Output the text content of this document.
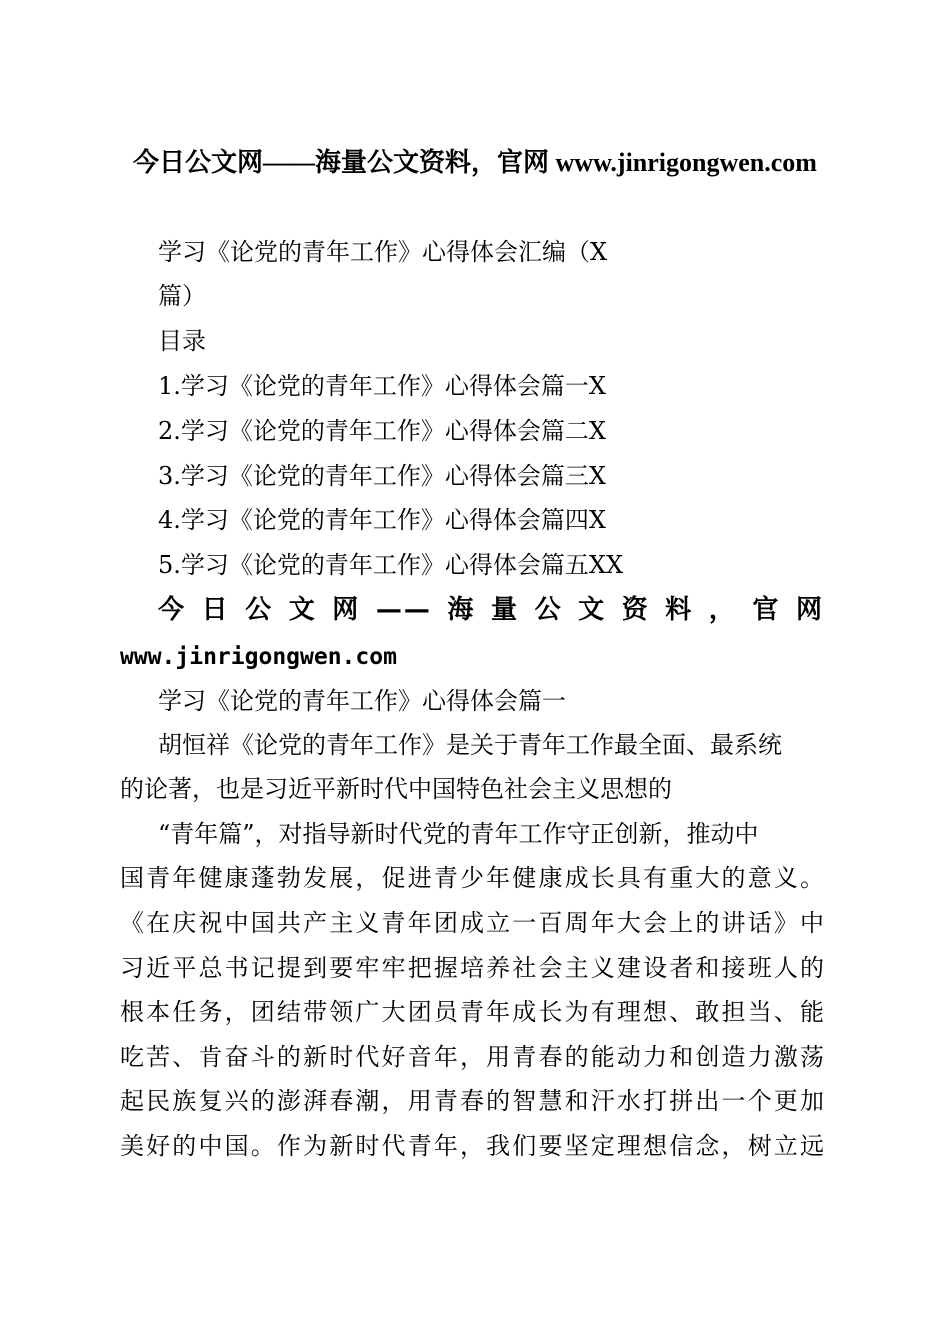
今日公文网——海量公文资料，官网 www.jinrigongwen.com
学习《论党的青年工作》心得体会汇编（X
篇）
目录
1.学习《论党的青年工作》心得体会篇一X
2.学习《论党的青年工作》心得体会篇二X
3.学习《论党的青年工作》心得体会篇三X
4.学习《论党的青年工作》心得体会篇四X
5.学习《论党的青年工作》心得体会篇五XX
今日公文网——海量公文资料，官网
www.jinrigongwen.com
学习《论党的青年工作》心得体会篇一
胡恒祥《论党的青年工作》是关于青年工作最全面、最系统
的论著，也是习近平新时代中国特色社会主义思想的
“青年篇”，对指导新时代党的青年工作守正创新，推动中
国青年健康蓬勃发展，促进青少年健康成长具有重大的意义。
《在庆祝中国共产主义青年团成立一百周年大会上的讲话》中
习近平总书记提到要牢牢把握培养社会主义建设者和接班人的
根本任务，团结带领广大团员青年成长为有理想、敢担当、能
吃苦、肯奋斗的新时代好音年，用青春的能动力和创造力激荡
起民族复兴的澎湃春潮，用青春的智慧和汗水打拼出一个更加
美好的中国。作为新时代青年，我们要坚定理想信念，树立远
